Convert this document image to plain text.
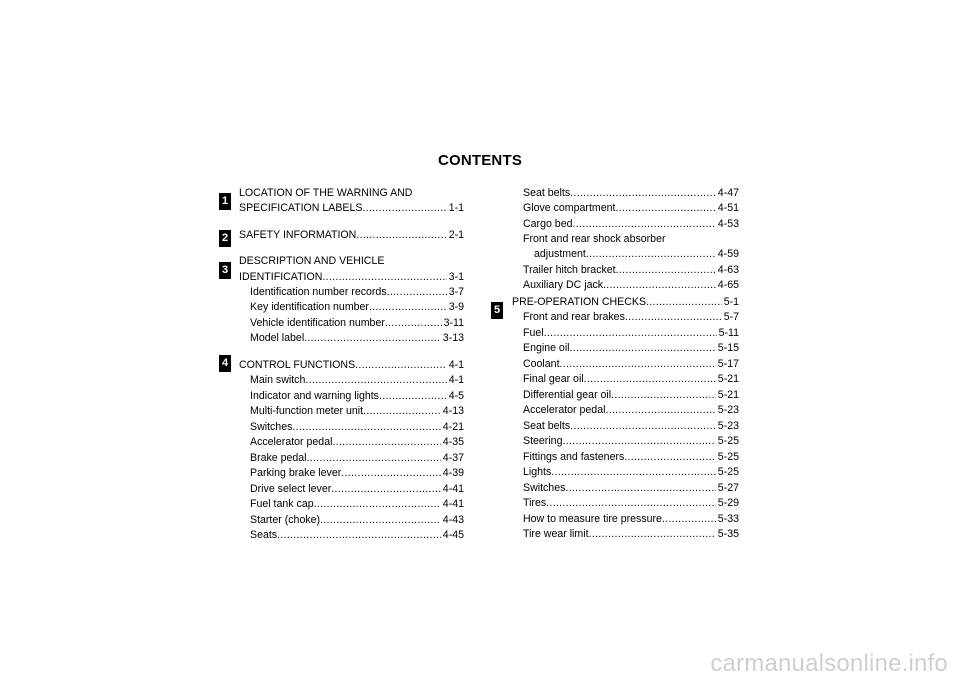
CONTENTS
1
2
3
4
5
LOCATION OF THE WARNING AND
SPECIFICATION LABELS .....	1-1
SAFETY INFORMATION .....	2-1
DESCRIPTION AND VEHICLE
IDENTIFICATION .....	3-1
Identification number records .....	3-7
Key identification number .....	3-9
Vehicle identification number .....	3-11
Model label .....	3-13
CONTROL FUNCTIONS .....	4-1
Main switch .....	4-1
Indicator and warning lights .....	4-5
Multi-function meter unit .....	4-13
Switches .....	4-21
Accelerator pedal .....	4-35
Brake pedal .....	4-37
Parking brake lever .....	4-39
Drive select lever .....	4-41
Fuel tank cap .....	4-41
Starter (choke) .....	4-43
Seats .....	4-45
Seat belts .....	4-47
Glove compartment .....	4-51
Cargo bed .....	4-53
Front and rear shock absorber
adjustment .....	4-59
Trailer hitch bracket .....	4-63
Auxiliary DC jack .....	4-65
PRE-OPERATION CHECKS .....	5-1
Front and rear brakes .....	5-7
Fuel .....	5-11
Engine oil .....	5-15
Coolant .....	5-17
Final gear oil .....	5-21
Differential gear oil .....	5-21
Accelerator pedal .....	5-23
Seat belts .....	5-23
Steering .....	5-25
Fittings and fasteners .....	5-25
Lights .....	5-25
Switches .....	5-27
Tires .....	5-29
How to measure tire pressure .....	5-33
Tire wear limit .....	5-35
carmanualsonline.info
